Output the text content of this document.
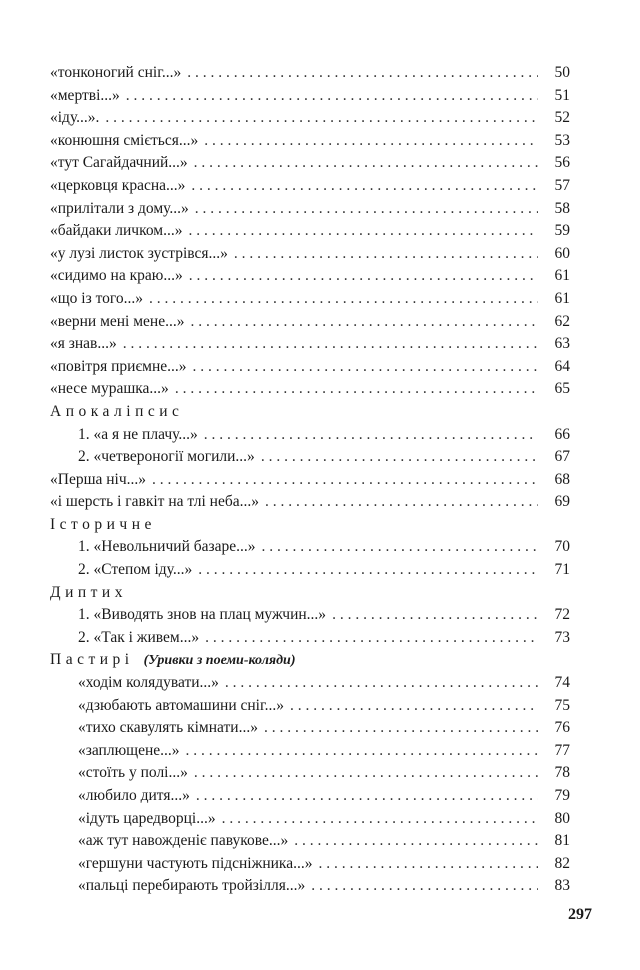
«тонконогий сніг...» . . .	50
«мертві...» . . .	51
«іду...». . . .	52
«конюшня сміється...» . . .	53
«тут Сагайдачний...» . . .	56
«церковця красна...» . . .	57
«прилітали з дому...» . . .	58
«байдаки личком...» . . .	59
«у лузі листок зустрівся...» . . .	60
«сидимо на краю...» . . .	61
«що із того...» . . .	61
«верни мені мене...» . . .	62
«я знав...» . . .	63
«повітря приємне...» . . .	64
«несе мурашка...» . . .	65
Апокаліпсис
1. «а я не плачу...» . . .	66
2. «четвероногії могили...» . . .	67
«Перша ніч...» . . .	68
«і шерсть і гавкіт на тлі неба...» . . .	69
Історичне
1. «Невольничий базаре...» . . .	70
2. «Степом іду...» . . .	71
Диптих
1. «Виводять знов на плац мужчин...» . . .	72
2. «Так і живем...» . . .	73
Пастирі (Уривки з поеми-коляди)
«ходім колядувати...» . . .	74
«дзюбають автомашини сніг...» . . .	75
«тихо скавулять кімнати...» . . .	76
«заплющене...» . . .	77
«стоїть у полі...» . . .	78
«любило дитя...» . . .	79
«ідуть царедворці...» . . .	80
«аж тут навожденіє павукове...» . . .	81
«гершуни частують підсніжника...» . . .	82
«пальці перебирають тройзілля...» . . .	83
297
